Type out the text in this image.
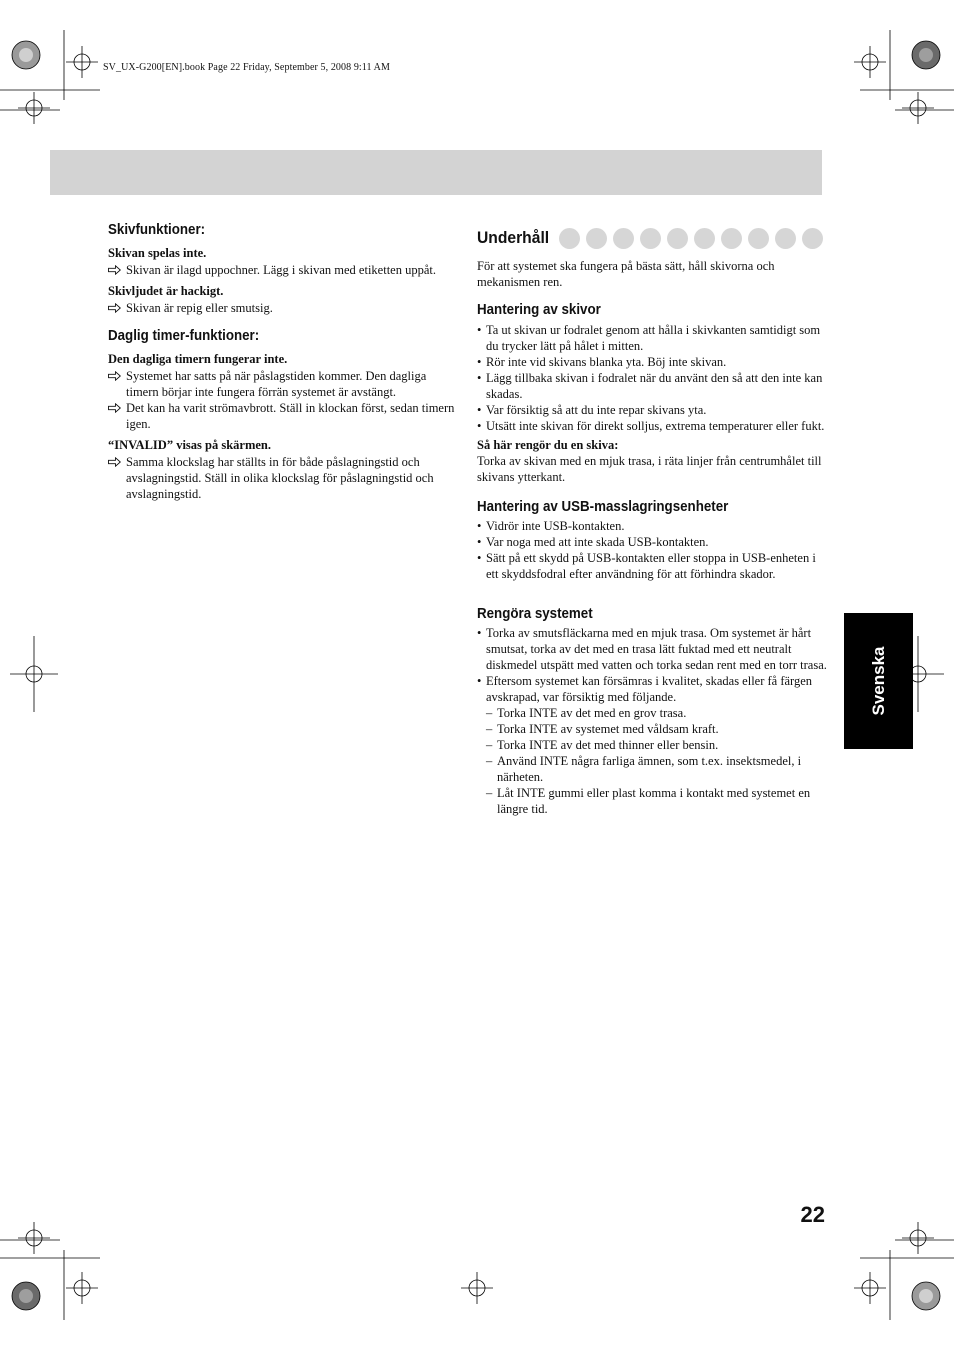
SV_UX-G200[EN].book Page 22 Friday, September 5, 2008 9:11 AM
Skivfunktioner:
Skivan spelas inte.
Skivan är ilagd uppochner. Lägg i skivan med etiketten uppåt.
Skivljudet är hackigt.
Skivan är repig eller smutsig.
Daglig timer-funktioner:
Den dagliga timern fungerar inte.
Systemet har satts på när påslagstiden kommer. Den dagliga timern börjar inte fungera förrän systemet är avstängt.
Det kan ha varit strömavbrott. Ställ in klockan först, sedan timern igen.
“INVALID” visas på skärmen.
Samma klockslag har ställts in för både påslagningstid och avslagningstid. Ställ in olika klockslag för påslagningstid och avslagningstid.
Underhåll
För att systemet ska fungera på bästa sätt, håll skivorna och mekanismen ren.
Hantering av skivor
• Ta ut skivan ur fodralet genom att hålla i skivkanten samtidigt som du trycker lätt på hålet i mitten.
• Rör inte vid skivans blanka yta. Böj inte skivan.
• Lägg tillbaka skivan i fodralet när du använt den så att den inte kan skadas.
• Var försiktig så att du inte repar skivans yta.
• Utsätt inte skivan för direkt solljus, extrema temperaturer eller fukt.
Så här rengör du en skiva:
Torka av skivan med en mjuk trasa, i räta linjer från centrumhålet till skivans ytterkant.
Hantering av USB-masslagringsenheter
• Vidrör inte USB-kontakten.
• Var noga med att inte skada USB-kontakten.
• Sätt på ett skydd på USB-kontakten eller stoppa in USB-enheten i ett skyddsfodral efter användning för att förhindra skador.
Rengöra systemet
• Torka av smutsfläckarna med en mjuk trasa. Om systemet är hårt smutsat, torka av det med en trasa lätt fuktad med ett neutralt diskmedel utspätt med vatten och torka sedan rent med en torr trasa.
• Eftersom systemet kan försämras i kvalitet, skadas eller få färgen avskrapad, var försiktig med följande.
– Torka INTE av det med en grov trasa.
– Torka INTE av systemet med våldsam kraft.
– Torka INTE av det med thinner eller bensin.
– Använd INTE några farliga ämnen, som t.ex. insektsmedel, i närheten.
– Låt INTE gummi eller plast komma i kontakt med systemet en längre tid.
Svenska
22
